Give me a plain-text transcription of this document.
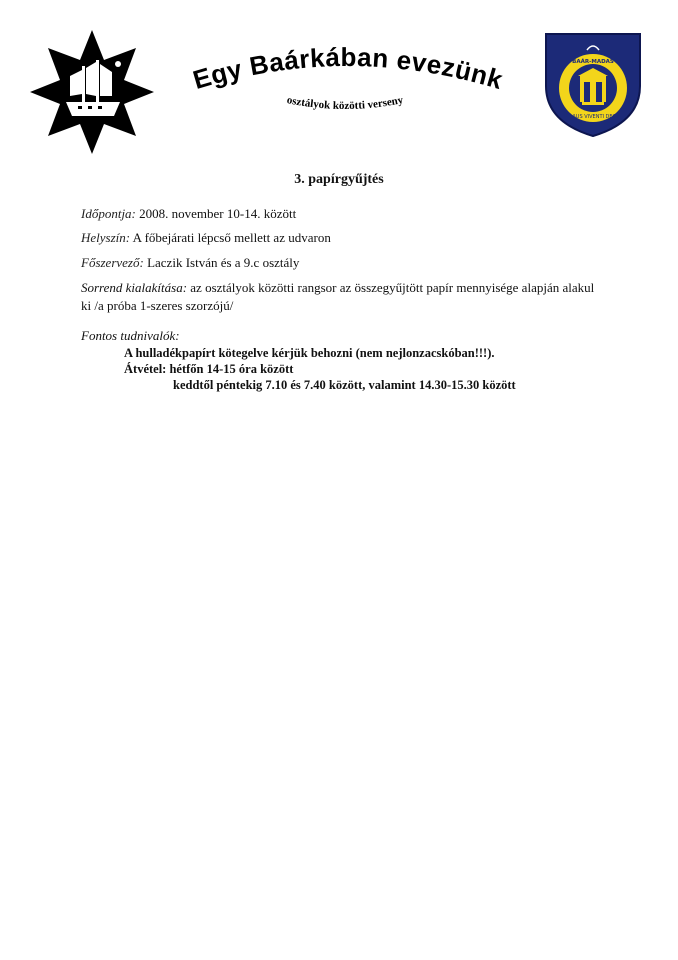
Egy Baárkában evezünk
osztályok közötti verseny
BAÁR-MADAS
LAUS VIVENTI DEO
3. papírgyűjtés
Időpontja: 2008. november 10-14. között
Helyszín: A főbejárati lépcső mellett az udvaron
Főszervező: Laczik István és a 9.c osztály
Sorrend kialakítása: az osztályok közötti rangsor az összegyűjtött papír mennyisége alapján alakul ki /a próba 1-szeres szorzójú/
Fontos tudnivalók:
A hulladékpapírt kötegelve kérjük behozni (nem nejlonzacskóban!!!).
Átvétel: hétfőn 14-15 óra között
keddtől péntekig 7.10 és 7.40 között, valamint 14.30-15.30 között
